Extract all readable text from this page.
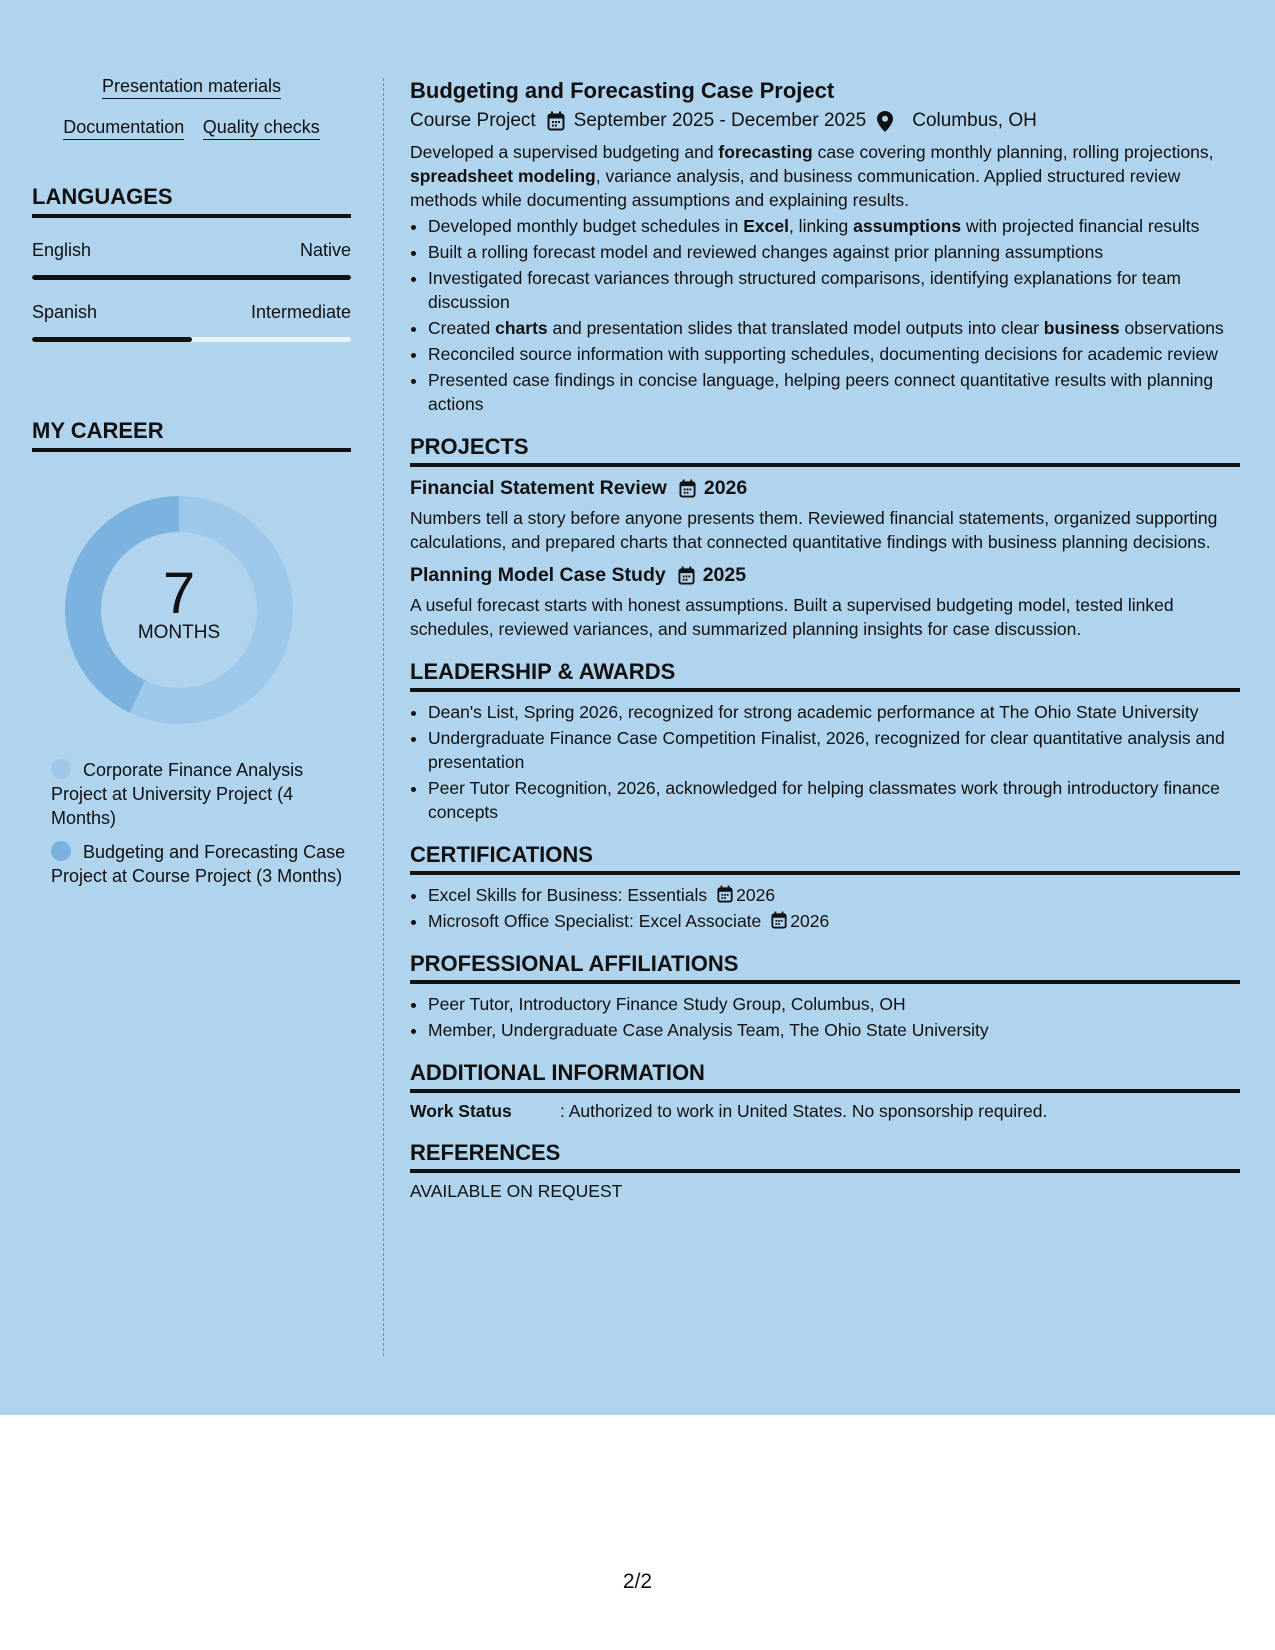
Presentation materials
Documentation Quality checks
LANGUAGES
English	Native
Spanish	Intermediate
MY CAREER
7
MONTHS
Corporate Finance Analysis Project at University Project (4 Months)
Budgeting and Forecasting Case Project at Course Project (3 Months)
Budgeting and Forecasting Case Project
Course Project September 2025 - December 2025 Columbus, OH

Developed a supervised budgeting and forecasting case covering monthly planning, rolling projections, spreadsheet modeling, variance analysis, and business communication. Applied structured review methods while documenting assumptions and explaining results.

• Developed monthly budget schedules in Excel, linking assumptions with projected financial results
• Built a rolling forecast model and reviewed changes against prior planning assumptions
• Investigated forecast variances through structured comparisons, identifying explanations for team discussion
• Created charts and presentation slides that translated model outputs into clear business observations
• Reconciled source information with supporting schedules, documenting decisions for academic review
• Presented case findings in concise language, helping peers connect quantitative results with planning actions
PROJECTS
Financial Statement Review 2026

Numbers tell a story before anyone presents them. Reviewed financial statements, organized supporting calculations, and prepared charts that connected quantitative findings with business planning decisions.

Planning Model Case Study 2025

A useful forecast starts with honest assumptions. Built a supervised budgeting model, tested linked schedules, reviewed variances, and summarized planning insights for case discussion.

LEADERSHIP & AWARDS
• Dean's List, Spring 2026, recognized for strong academic performance at The Ohio State University
• Undergraduate Finance Case Competition Finalist, 2026, recognized for clear quantitative analysis and presentation
• Peer Tutor Recognition, 2026, acknowledged for helping classmates work through introductory finance concepts
CERTIFICATIONS
• Excel Skills for Business: Essentials 2026
• Microsoft Office Specialist: Excel Associate 2026
PROFESSIONAL AFFILIATIONS
• Peer Tutor, Introductory Finance Study Group, Columbus, OH
• Member, Undergraduate Case Analysis Team, The Ohio State University
ADDITIONAL INFORMATION
Work Status	: Authorized to work in United States. No sponsorship required.
REFERENCES
AVAILABLE ON REQUEST
2/2
